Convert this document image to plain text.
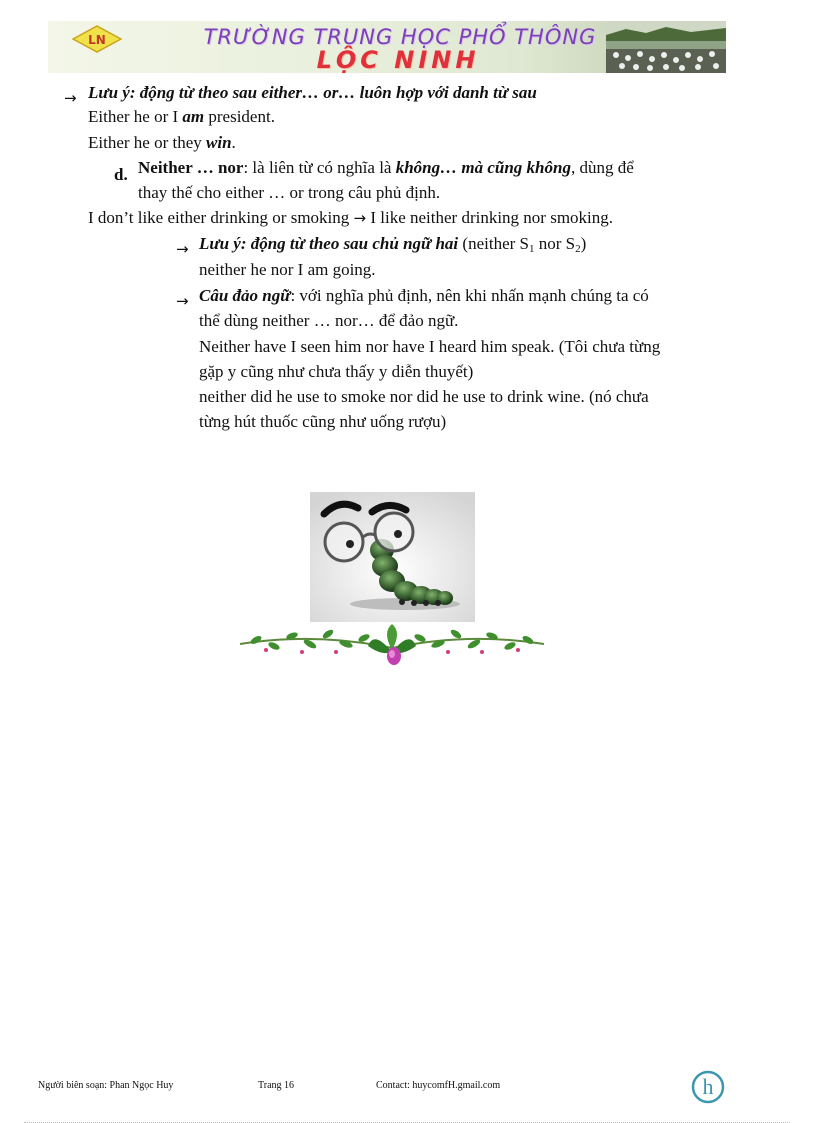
LN	TRƯỜNG TRUNG HỌC PHỔ THÔNG
LỘC NINH
→ Lưu ý: động từ theo sau either… or… luôn hợp với danh từ sau
Either he or I am president.
Either he or they win.
d. Neither … nor: là liên từ có nghĩa là không… mà cũng không, dùng để
thay thế cho either … or trong câu phủ định.
I don’t like either drinking or smoking → I like neither drinking nor smoking.
→ Lưu ý: động từ theo sau chủ ngữ hai (neither $S_1$ nor $S_2$)
neither he nor I am going.
→ Câu đảo ngữ: với nghĩa phủ định, nên khi nhấn mạnh chúng ta có
thể dùng neither … nor… để đảo ngữ.
Neither have I seen him nor have I heard him speak. (Tôi chưa từng
gặp y cũng như chưa thấy y diễn thuyết)
neither did he use to smoke nor did he use to drink wine. (nó chưa
từng hút thuốc cũng như uống rượu)
Người biên soạn: Phan Ngọc Huy	Trang 16	Contact: huycomfH.gmail.com	h
